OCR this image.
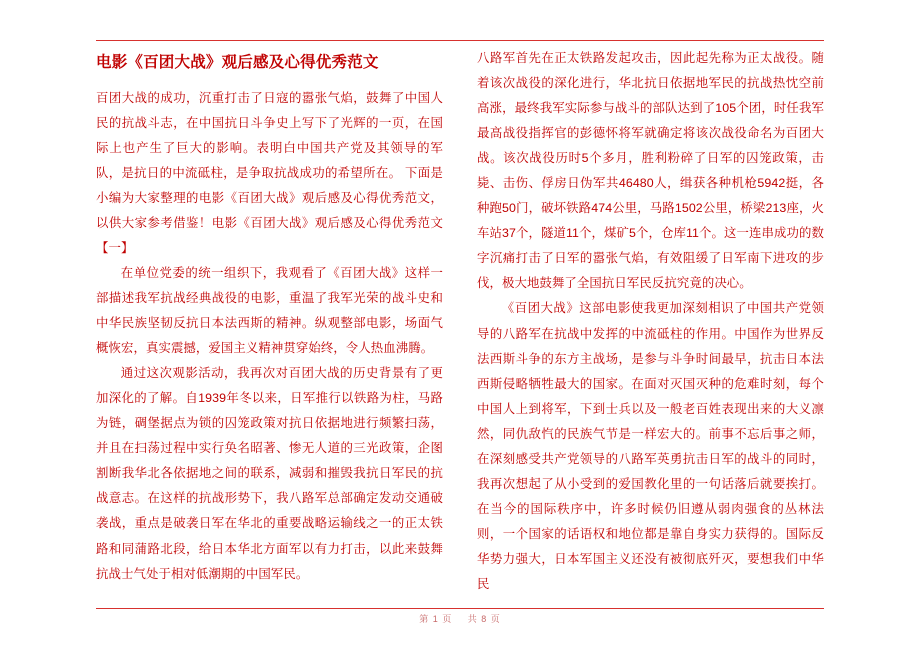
电影《百团大战》观后感及心得优秀范文

百团大战的成功，沉重打击了日寇的嚣张气焰，鼓舞了中国人民的抗战斗志，在中国抗日斗争史上写下了光辉的一页，在国际上也产生了巨大的影响。表明白中国共产党及其领导的军队，是抗日的中流砥柱，是争取抗战成功的希望所在。 下面是小编为大家整理的电影《百团大战》观后感及心得优秀范文，以供大家参考借鉴！电影《百团大战》观后感及心得优秀范文【一】

在单位党委的统一组织下，我观看了《百团大战》这样一部描述我军抗战经典战役的电影，重温了我军光荣的战斗史和中华民族坚韧反抗日本法西斯的精神。纵观整部电影，场面气概恢宏，真实震撼，爱国主义精神贯穿始终，令人热血沸腾。

通过这次观影活动，我再次对百团大战的历史背景有了更加深化的了解。自1939年冬以来，日军推行以铁路为柱，马路为链，碉堡据点为锁的囚笼政策对抗日依据地进行频繁扫荡，并且在扫荡过程中实行奂名昭著、惨无人道的三光政策，企图割断我华北各依据地之间的联系，减弱和摧毁我抗日军民的抗战意志。在这样的抗战形势下，我八路军总部确定发动交通破袭战，重点是破袭日军在华北的重要战略运输线之一的正太铁路和同蒲路北段，给日本华北方面军以有力打击，以此来鼓舞抗战士气处于相对低潮期的中国军民。

八路军首先在正太铁路发起攻击，因此起先称为正太战役。随着该次战役的深化进行，华北抗日依据地军民的抗战热忱空前高涨，最终我军实际参与战斗的部队达到了105个团，时任我军最高战役指挥官的彭德怀将军就确定将该次战役命名为百团大战。该次战役历时5个多月，胜利粉碎了日军的囚笼政策，击毙、击伤、俘房日伪军共46480人，缉获各种机枪5942挺，各种跑50门，破坏铁路474公里，马路1502公里，桥梁213座，火车站37个，隧道11个，煤矿5个，仓库11个。这一连串成功的数字沉痛打击了日军的嚣张气焰，有效阻缓了日军南下进攻的步伐，极大地鼓舞了全国抗日军民反抗究竟的决心。

《百团大战》这部电影使我更加深刻相识了中国共产党领导的八路军在抗战中发挥的中流砥柱的作用。中国作为世界反法西斯斗争的东方主战场，是参与斗争时间最早，抗击日本法西斯侵略牺牲最大的国家。在面对灭国灭种的危难时刻，每个中国人上到将军，下到士兵以及一般老百姓表现出来的大义凛然，同仇敌忾的民族气节是一样宏大的。前事不忘后事之师，在深刻感受共产党领导的八路军英勇抗击日军的战斗的同时，我再次想起了从小受到的爱国教化里的一句话落后就要挨打。在当今的国际秩序中，许多时候仍旧遵从弱肉强食的丛林法则，一个国家的话语权和地位都是靠自身实力获得的。国际反华势力强大，日本军国主义还没有被彻底歼灭，要想我们中华民

第 1 页 共 8 页
